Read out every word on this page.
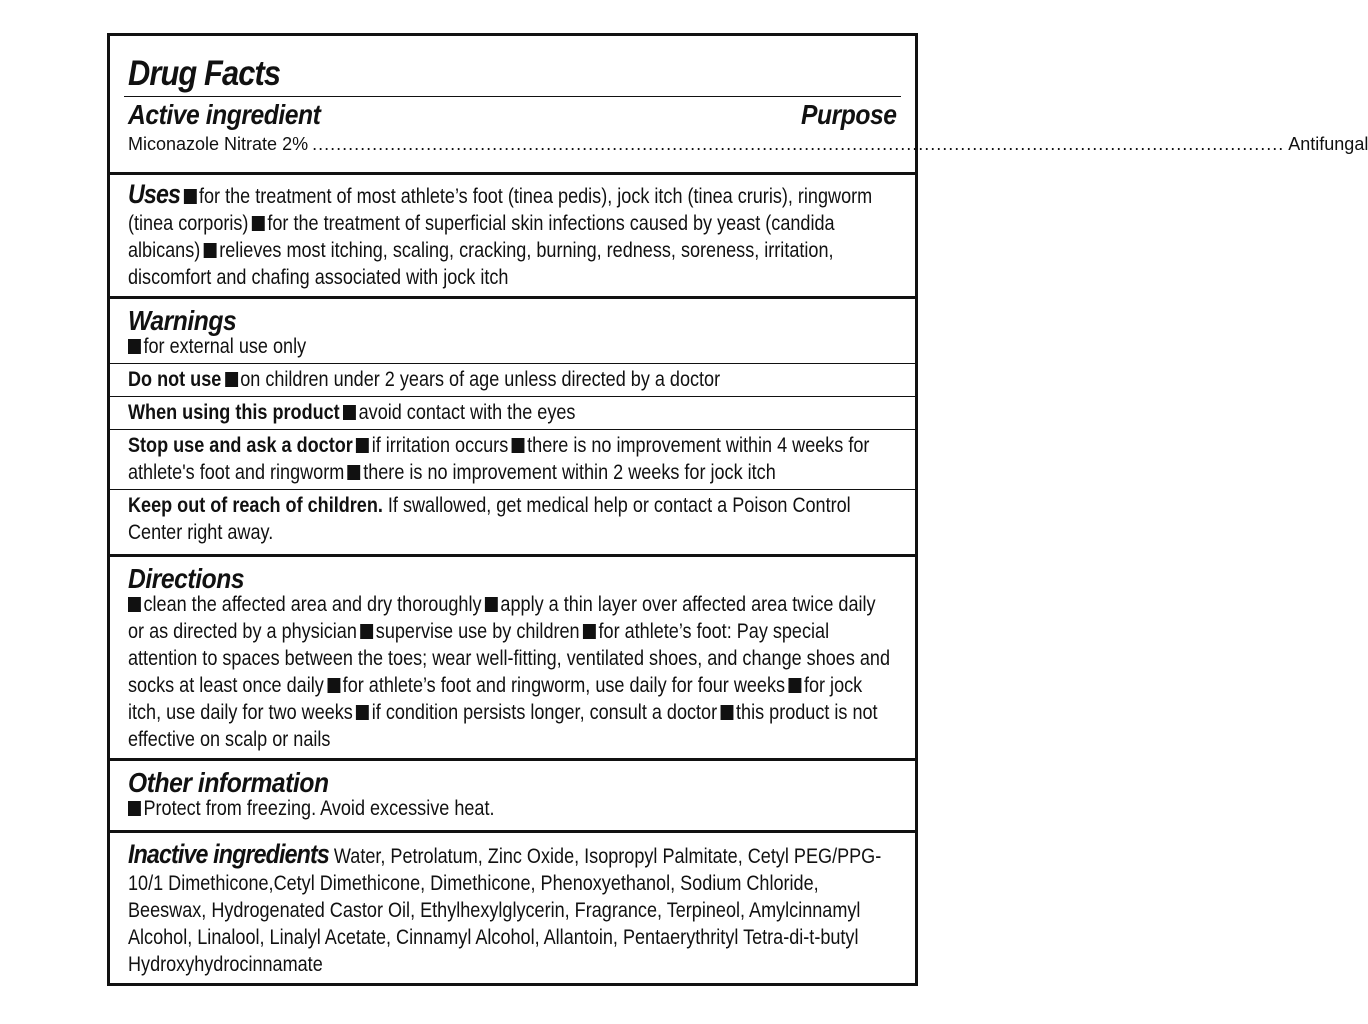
Drug Facts
Active ingredient	Purpose
Miconazole Nitrate 2% .................................................................................................................................................................. Antifungal
Uses for the treatment of most athlete’s foot (tinea pedis), jock itch (tinea cruris), ringworm (tinea corporis) for the treatment of superficial skin infections caused by yeast (candida albicans) relieves most itching, scaling, cracking, burning, redness, soreness, irritation, discomfort and chafing associated with jock itch
Warnings
for external use only
Do not use on children under 2 years of age unless directed by a doctor
When using this product avoid contact with the eyes
Stop use and ask a doctor if irritation occurs there is no improvement within 4 weeks for athlete's foot and ringworm there is no improvement within 2 weeks for jock itch
Keep out of reach of children. If swallowed, get medical help or contact a Poison Control Center right away.
Directions
clean the affected area and dry thoroughly apply a thin layer over affected area twice daily or as directed by a physician supervise use by children for athlete’s foot: Pay special attention to spaces between the toes; wear well-fitting, ventilated shoes, and change shoes and socks at least once daily for athlete’s foot and ringworm, use daily for four weeks for jock itch, use daily for two weeks if condition persists longer, consult a doctor this product is not effective on scalp or nails
Other information
Protect from freezing. Avoid excessive heat.
Inactive ingredients Water, Petrolatum, Zinc Oxide, Isopropyl Palmitate, Cetyl PEG/PPG-10/1 Dimethicone,Cetyl Dimethicone, Dimethicone, Phenoxyethanol, Sodium Chloride, Beeswax, Hydrogenated Castor Oil, Ethylhexylglycerin, Fragrance, Terpineol, Amylcinnamyl Alcohol, Linalool, Linalyl Acetate, Cinnamyl Alcohol, Allantoin, Pentaerythrityl Tetra-di-t-butyl Hydroxyhydrocinnamate
